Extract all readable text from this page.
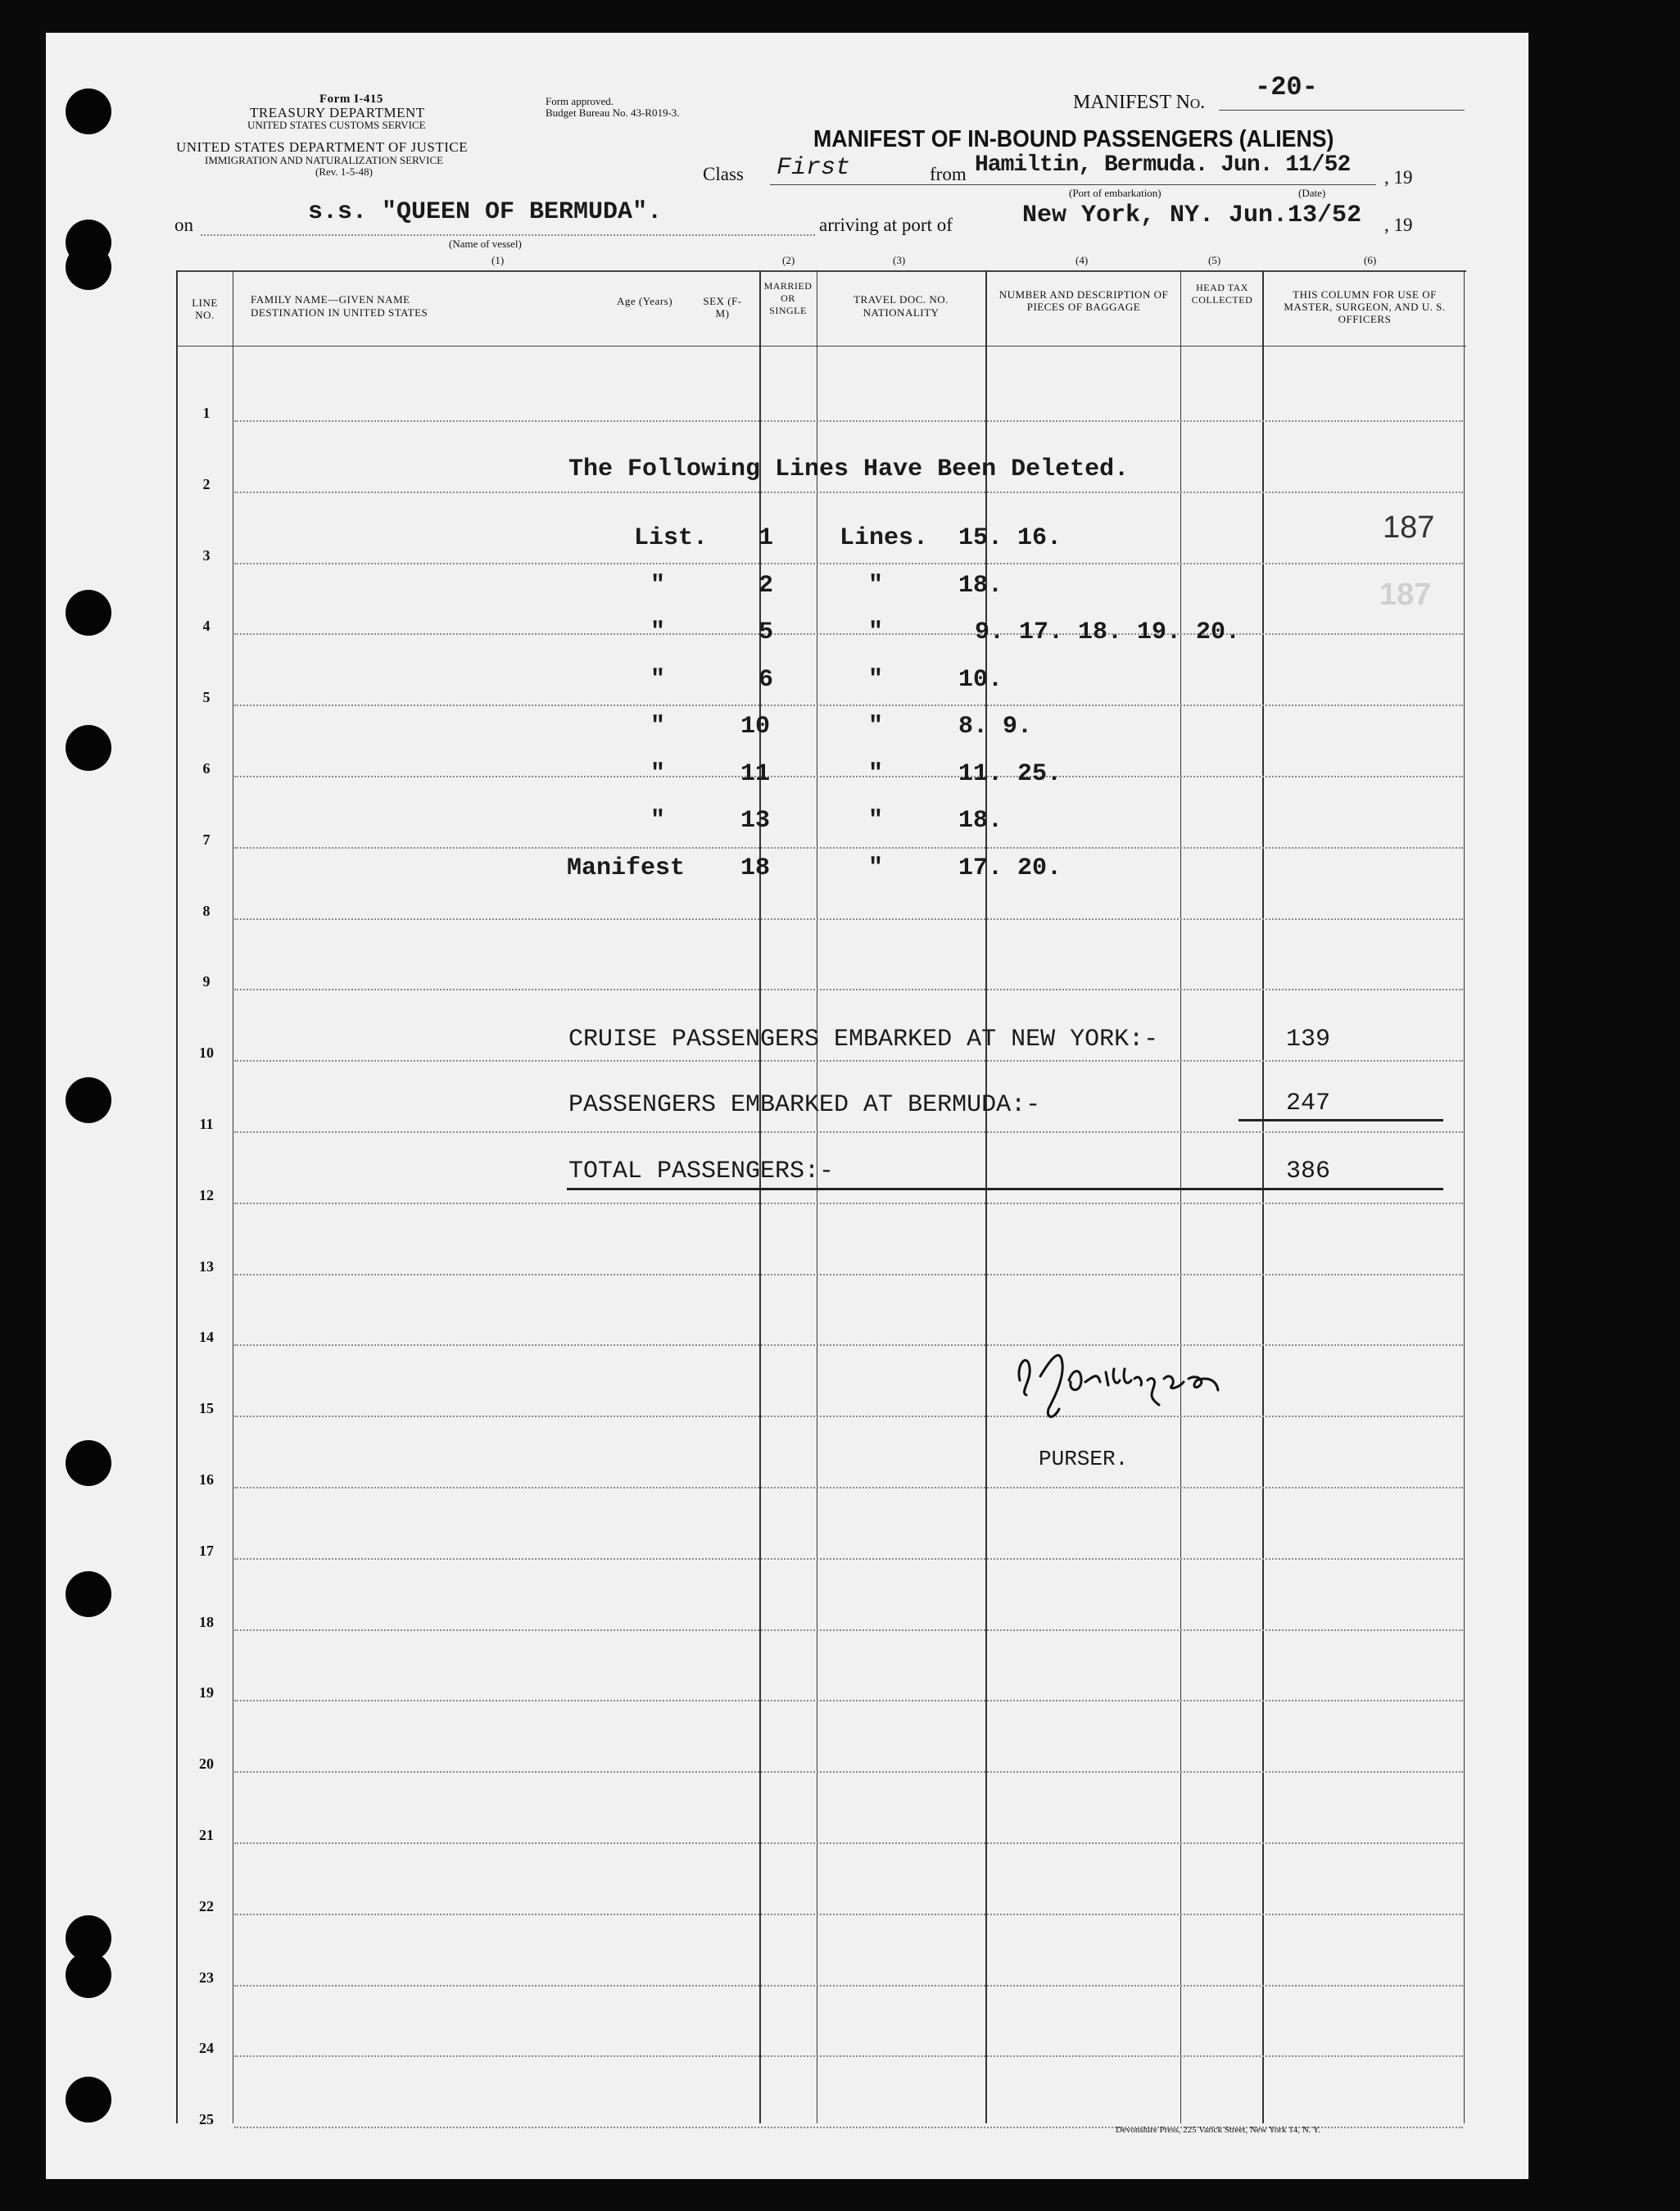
Form I-415
TREASURY DEPARTMENT
UNITED STATES CUSTOMS SERVICE
UNITED STATES DEPARTMENT OF JUSTICE
IMMIGRATION AND NATURALIZATION SERVICE
(Rev. 1-5-48)
Form approved.
Budget Bureau No. 43-R019-3.	MANIFEST No. -20-
MANIFEST OF IN-BOUND PASSENGERS (ALIENS)
Class First	from Hamiltin, Bermuda. Jun. 11/52 , 19
(Port of embarkation)	(Date)
on	s.s. "QUEEN OF BERMUDA".	arriving at port of	New York, NY. Jun.13/52 , 19
(Name of vessel)
(1)	(2)	(3)	(4)	(5)	(6)
LINE NO.
FAMILY NAME—GIVEN NAME
DESTINATION IN UNITED STATES
Age (Years)	SEX (F-M)
MARRIED OR SINGLE
TRAVEL DOC. NO.
NATIONALITY
NUMBER AND DESCRIPTION OF PIECES OF BAGGAGE
HEAD TAX COLLECTED	THIS COLUMN FOR USE OF MASTER, SURGEON, AND U. S. OFFICERS
1
2
3
4
5
6
7
8
9
10
11
12
13
14
15
16
17
18
19
20
21
22
23
24
25
The Following Lines Have Been Deleted.
List. 1	Lines. 15. 16.
"	2	"	18.
"	5	"	9. 17. 18. 19. 20.
"	6	"	10.
"	10	"	8. 9.
"	11	"	11. 25.
"	13	"	18.
Manifest 18	"	17. 20.
187
187
CRUISE PASSENGERS EMBARKED AT NEW YORK:-	139
PASSENGERS EMBARKED AT BERMUDA:-	247
TOTAL PASSENGERS:-	386
PURSER.
Devonshire Press, 225 Varick Street, New York 14, N. Y.
